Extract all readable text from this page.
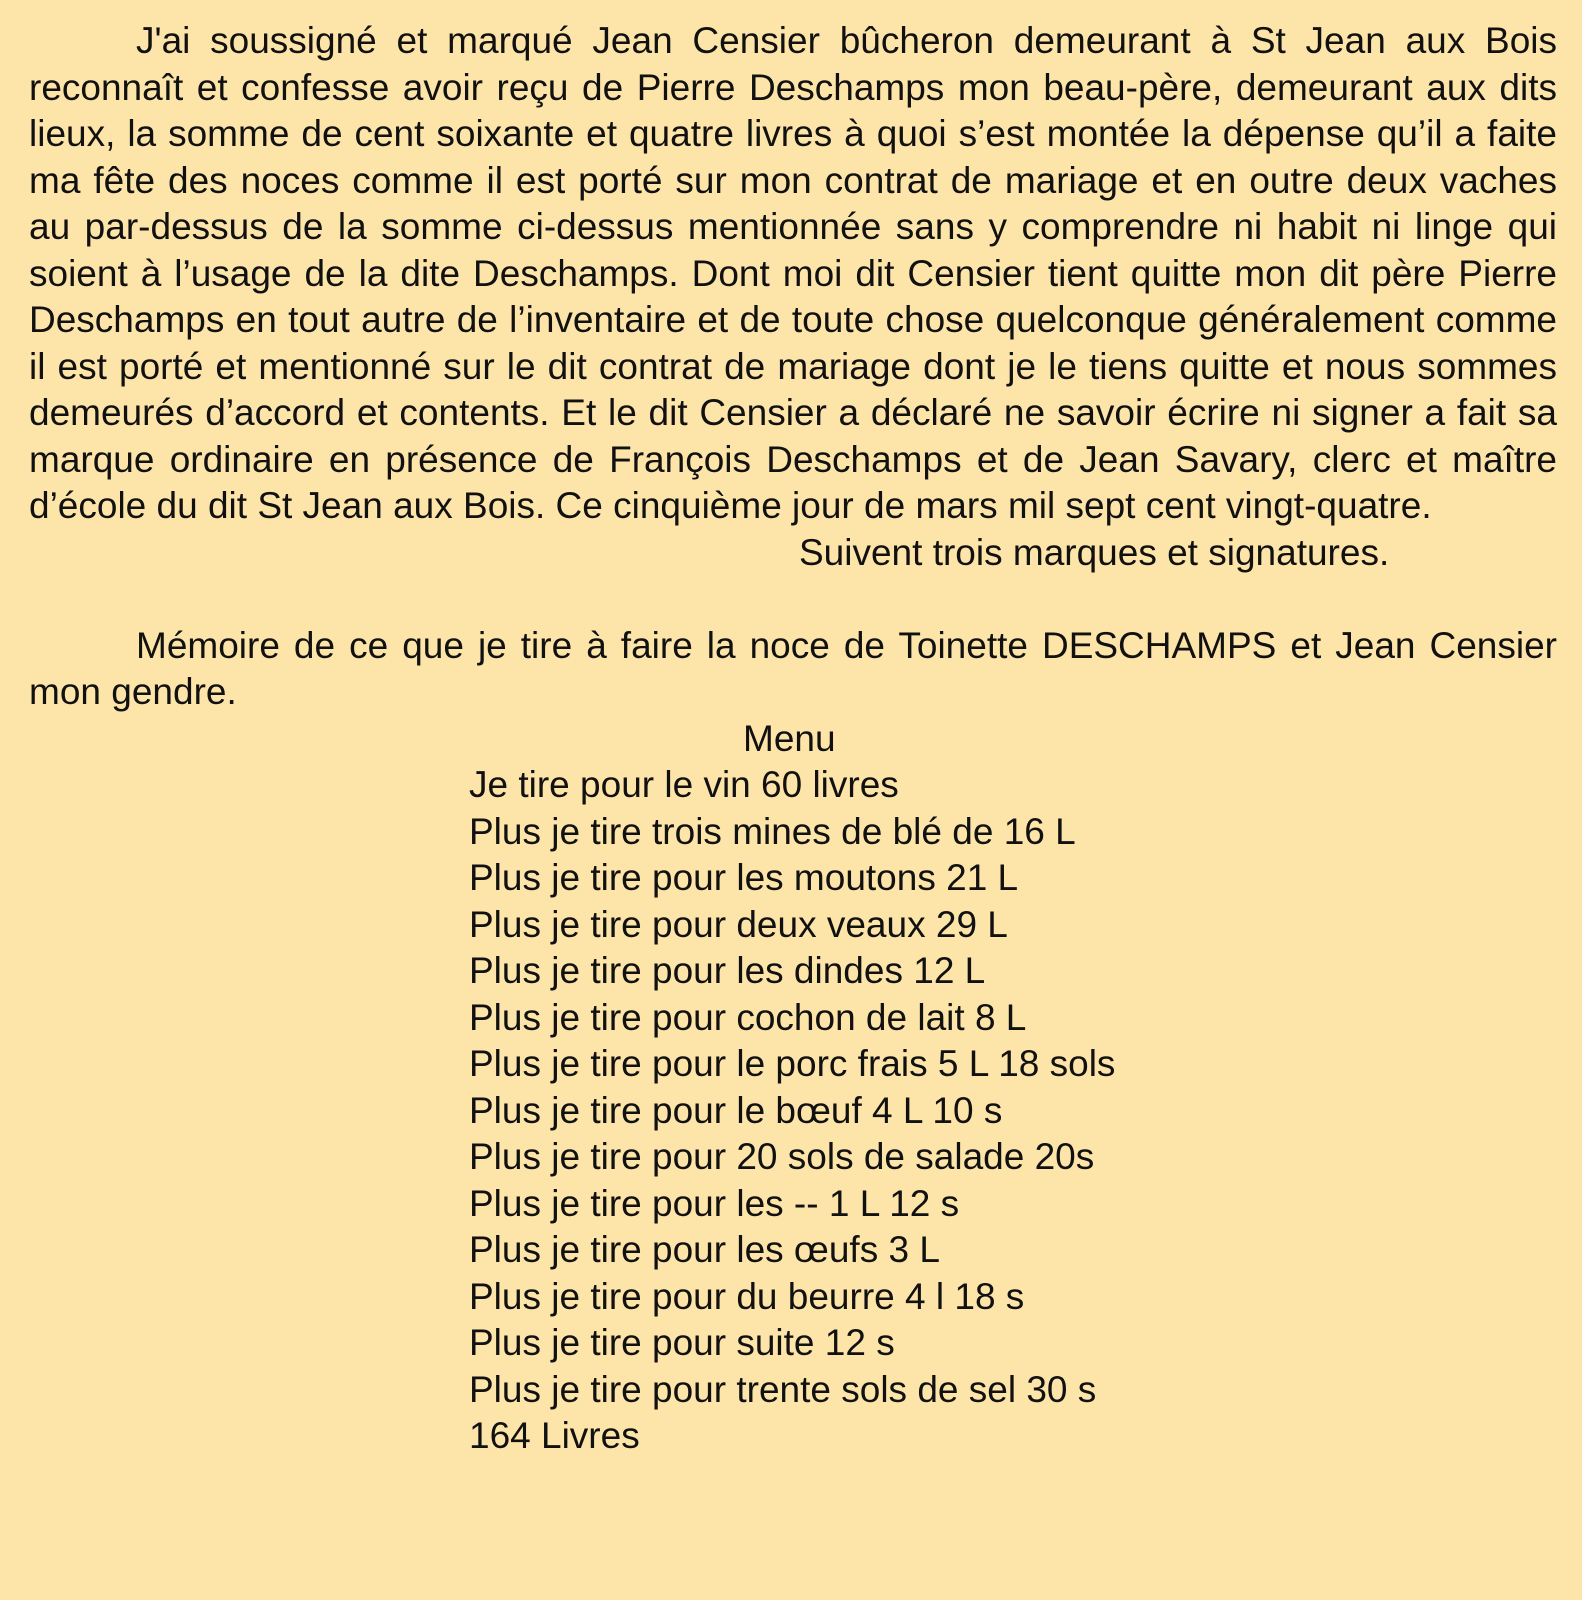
J'ai soussigné et marqué Jean Censier bûcheron demeurant à St Jean aux Bois reconnaît et confesse avoir reçu de Pierre Deschamps mon beau-père, demeurant aux dits lieux, la somme de cent soixante et quatre livres à quoi s’est montée la dépense qu’il a faite ma fête des noces comme il est porté sur mon contrat de mariage et en outre deux vaches au par-dessus de la somme ci-dessus mentionnée sans y comprendre ni habit ni linge qui soient à l’usage de la dite Deschamps. Dont moi dit Censier tient quitte mon dit père Pierre Deschamps en tout autre de l’inventaire et de toute chose quelconque généralement comme il est porté et mentionné sur le dit contrat de mariage dont je le tiens quitte et nous sommes demeurés d’accord et contents. Et le dit Censier a déclaré ne savoir écrire ni signer a fait sa marque ordinaire en présence de François Deschamps et de Jean Savary, clerc et maître d’école du dit St Jean aux Bois. Ce cinquième jour de mars mil sept cent vingt-quatre.

Suivent trois marques et signatures.

Mémoire de ce que je tire à faire la noce de Toinette DESCHAMPS et Jean Censier mon gendre.

Menu

Je tire pour le vin 60 livres
Plus je tire trois mines de blé de 16 L
Plus je tire pour les moutons 21 L
Plus je tire pour deux veaux 29 L
Plus je tire pour les dindes 12 L
Plus je tire pour cochon de lait 8 L
Plus je tire pour le porc frais 5 L 18 sols
Plus je tire pour le bœuf 4 L 10 s
Plus je tire pour 20 sols de salade 20s
Plus je tire pour les -- 1 L 12 s
Plus je tire pour les œufs 3 L
Plus je tire pour du beurre 4 l 18 s
Plus je tire pour suite 12 s
Plus je tire pour trente sols de sel 30 s

164 Livres
